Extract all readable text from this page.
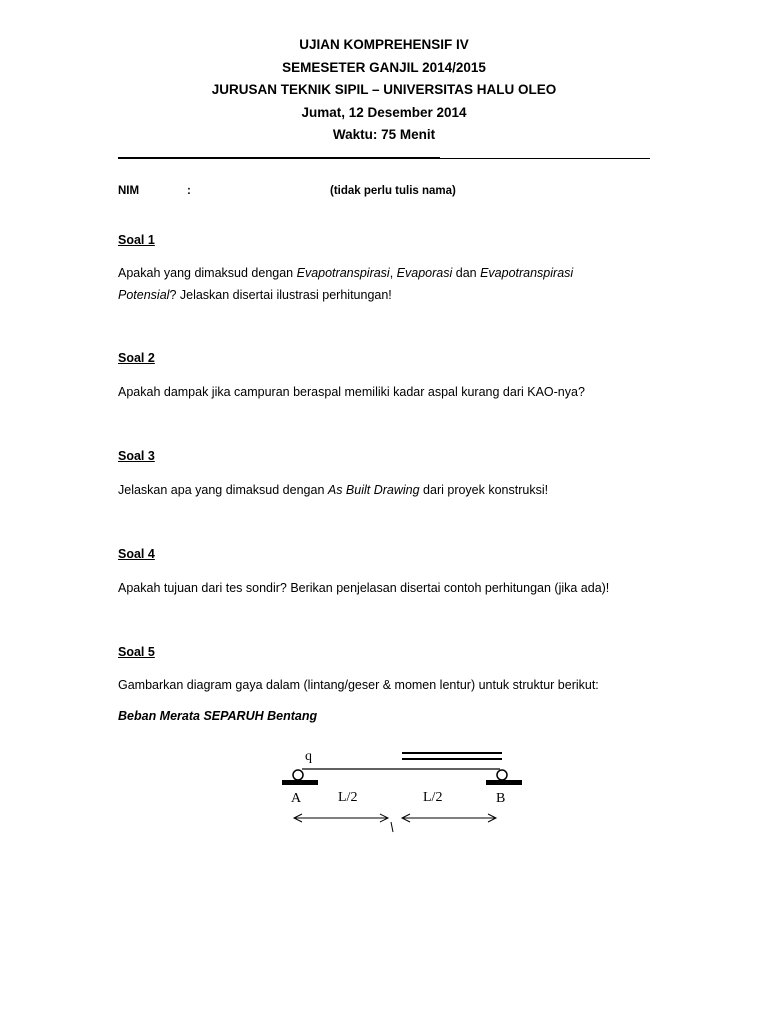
UJIAN KOMPREHENSIF IV
SEMESETER GANJIL 2014/2015
JURUSAN TEKNIK SIPIL – UNIVERSITAS HALU OLEO
Jumat, 12 Desember 2014
Waktu: 75 Menit
NIM	:	(tidak perlu tulis nama)
Soal 1
Apakah yang dimaksud dengan Evapotranspirasi, Evaporasi dan Evapotranspirasi
Potensial? Jelaskan disertai ilustrasi perhitungan!
Soal 2
Apakah dampak jika campuran beraspal memiliki kadar aspal kurang dari KAO-nya?
Soal 3
Jelaskan apa yang dimaksud dengan As Built Drawing dari proyek konstruksi!
Soal 4
Apakah tujuan dari tes sondir? Berikan penjelasan disertai contoh perhitungan (jika ada)!
Soal 5
Gambarkan diagram gaya dalam (lintang/geser & momen lentur) untuk struktur berikut:
Beban Merata SEPARUH Bentang
q
A	L/2	L/2	B
